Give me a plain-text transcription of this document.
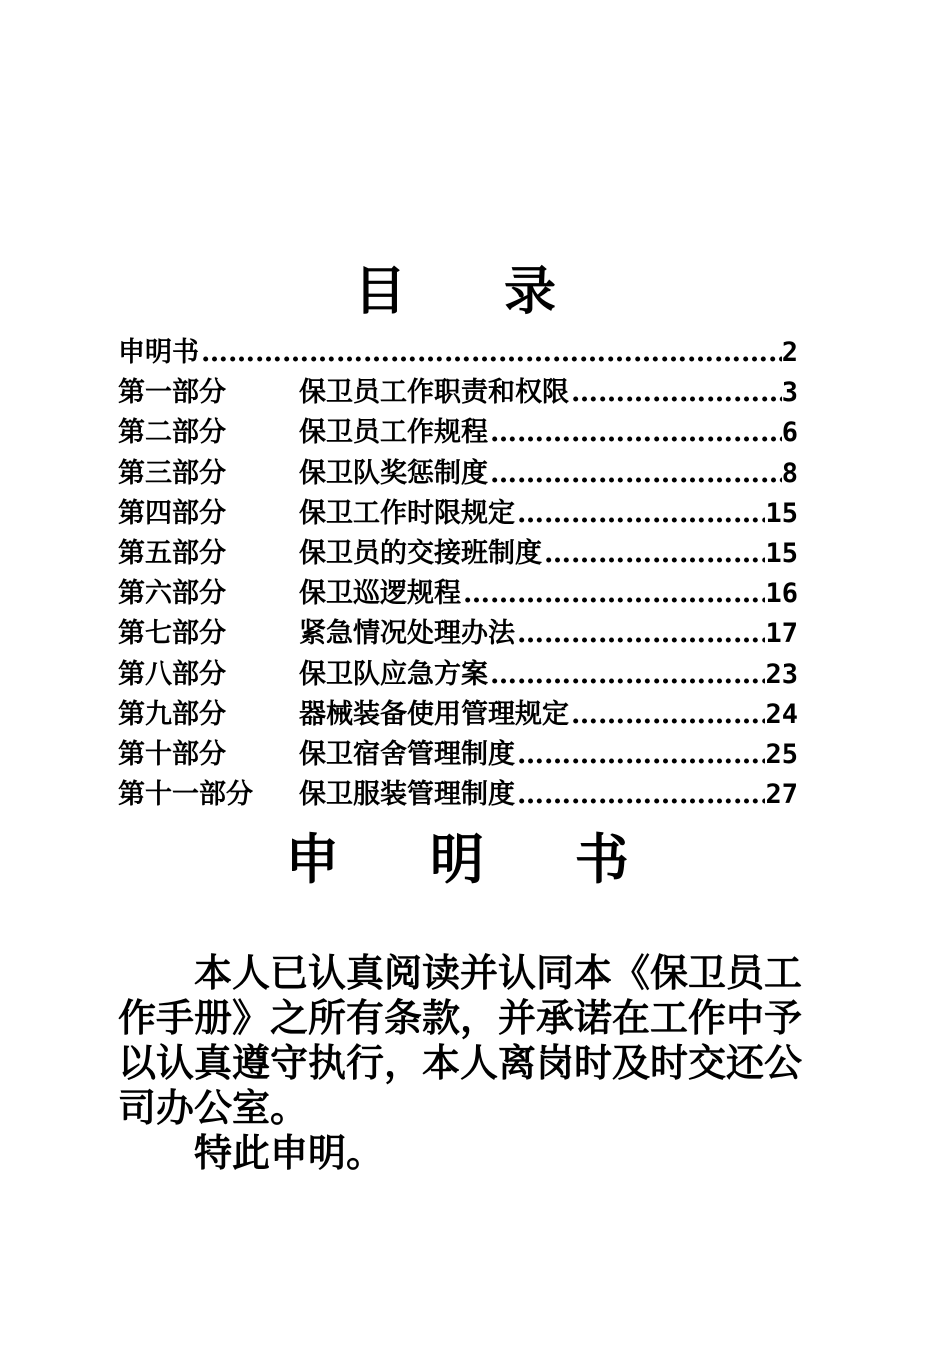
目 录
申明书 ……………………………………………………………………………………………………………………	2
第一部分	保卫员工作职责和权限 ……………………………………………………………………………………………………………………	3
第二部分	保卫员工作规程 ……………………………………………………………………………………………………………………	6
第三部分	保卫队奖惩制度 ……………………………………………………………………………………………………………………	8
第四部分	保卫工作时限规定 ……………………………………………………………………………………………………………………	15
第五部分	保卫员的交接班制度 ……………………………………………………………………………………………………………………	15
第六部分	保卫巡逻规程 ……………………………………………………………………………………………………………………	16
第七部分	紧急情况处理办法 ……………………………………………………………………………………………………………………	17
第八部分	保卫队应急方案 ……………………………………………………………………………………………………………………	23
第九部分	器械装备使用管理规定 ……………………………………………………………………………………………………………………	24
第十部分	保卫宿舍管理制度 ……………………………………………………………………………………………………………………	25
第十一部分	保卫服装管理制度 ……………………………………………………………………………………………………………………	27
申 明 书

本人已认真阅读并认同本《保卫员工作手册》之所有条款，并承诺在工作中予以认真遵守执行，本人离岗时及时交还公司办公室。

特此申明。
